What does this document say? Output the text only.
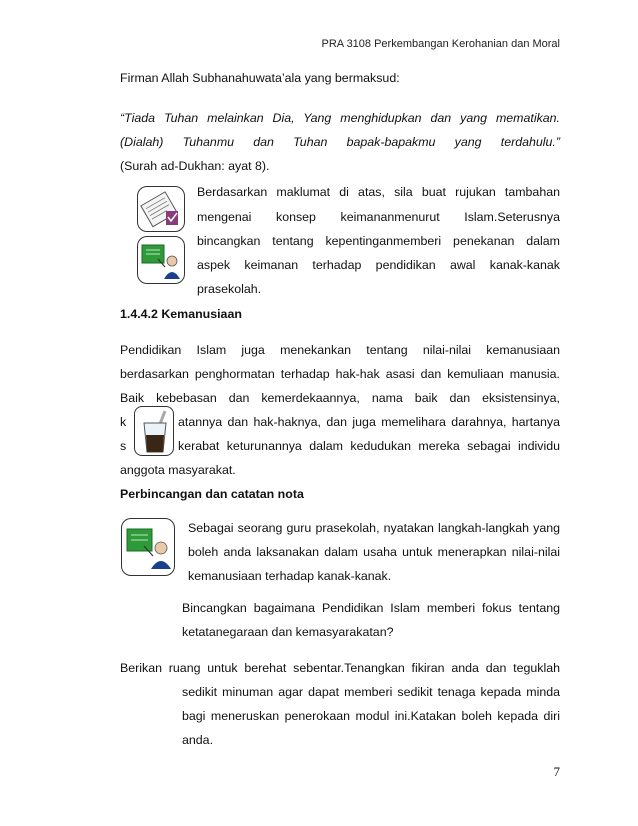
PRA 3108 Perkembangan Kerohanian dan Moral
Firman Allah Subhanahuwata’ala yang bermaksud:
“Tiada Tuhan melainkan Dia, Yang menghidupkan dan yang mematikan.
(Dialah) Tuhanmu dan Tuhan bapak-bapakmu yang terdahulu.”
(Surah ad-Dukhan: ayat 8).
Berdasarkan maklumat di atas, sila buat rujukan tambahan
mengenai konsep keimananmenurut Islam.Seterusnya
bincangkan tentang kepentinganmemberi penekanan dalam
aspek keimanan terhadap pendidikan awal kanak-kanak
prasekolah.
1.4.4.2 Kemanusiaan
Pendidikan Islam juga menekankan tentang nilai-nilai kemanusiaan
berdasarkan penghormatan terhadap hak-hak asasi dan kemuliaan manusia.
Baik kebebasan dan kemerdekaannya, nama baik dan eksistensinya,
k	atannya dan hak-haknya, dan juga memelihara darahnya, hartanya
s	kerabat keturunannya dalam kedudukan mereka sebagai individu
anggota masyarakat.
Perbincangan dan catatan nota
Sebagai seorang guru prasekolah, nyatakan langkah-langkah yang
boleh anda laksanakan dalam usaha untuk menerapkan nilai-nilai
kemanusiaan terhadap kanak-kanak.
Bincangkan bagaimana Pendidikan Islam memberi fokus tentang
ketatanegaraan dan kemasyarakatan?
Berikan ruang untuk berehat sebentar.Tenangkan fikiran anda dan teguklah
sedikit minuman agar dapat memberi sedikit tenaga kepada minda
bagi meneruskan penerokaan modul ini.Katakan boleh kepada diri
anda.
7
